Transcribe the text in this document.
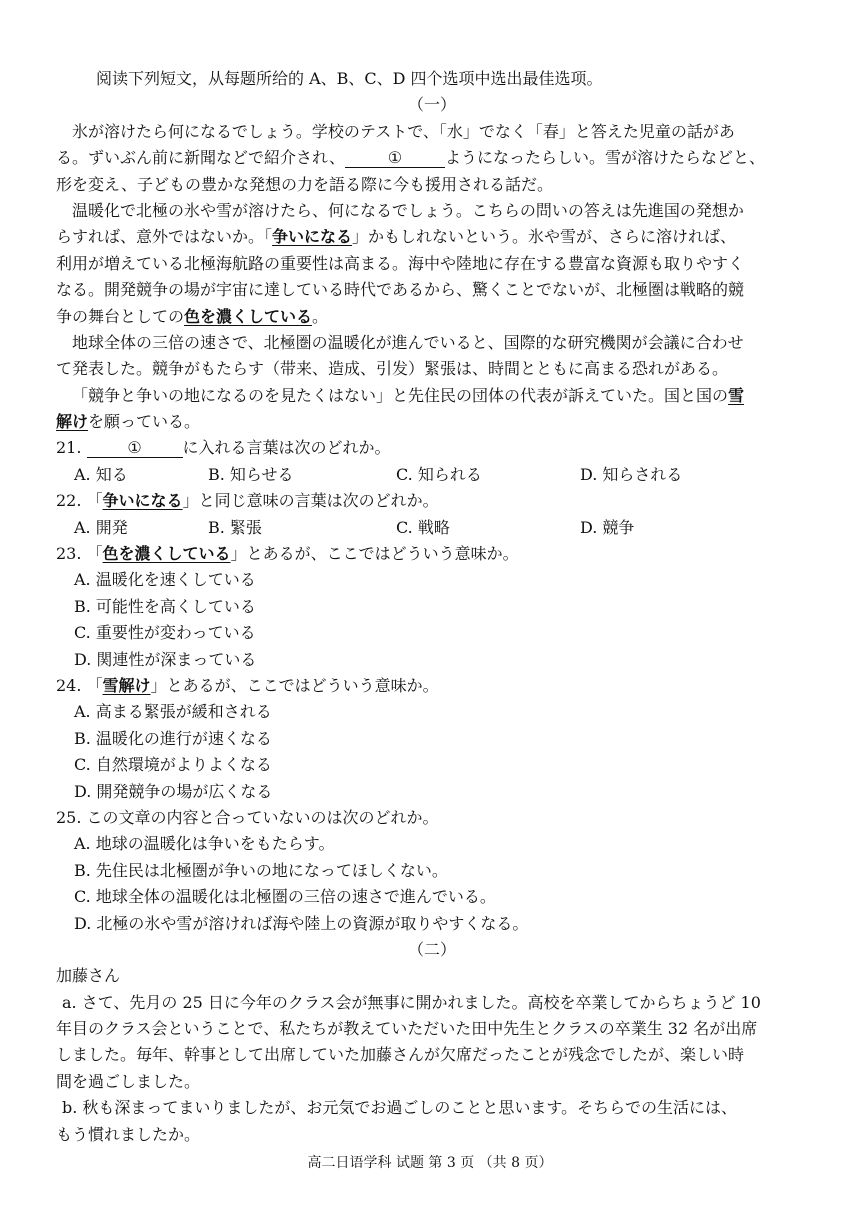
阅读下列短文，从每题所给的 A、B、C、D 四个选项中选出最佳选项。
（一）
氷が溶けたら何になるでしょう。学校のテストで、「水」でなく「春」と答えた児童の話があ
る。ずいぶん前に新聞などで紹介され、	①	ようになったらしい。雪が溶けたらなどと、
形を変え、子どもの豊かな発想の力を語る際に今も援用される話だ。
温暖化で北極の氷や雪が溶けたら、何になるでしょう。こちらの問いの答えは先進国の発想か
らすれば、意外ではないか。「争いになる」かもしれないという。氷や雪が、さらに溶ければ、
利用が増えている北極海航路の重要性は高まる。海中や陸地に存在する豊富な資源も取りやすく
なる。開発競争の場が宇宙に達している時代であるから、驚くことでないが、北極圏は戦略的競
争の舞台としての色を濃くしている。
地球全体の三倍の速さで、北極圏の温暖化が進んでいると、国際的な研究機関が会議に合わせ
て発表した。競争がもたらす（带来、造成、引发）緊張は、時間とともに高まる恐れがある。
「競争と争いの地になるのを見たくはない」と先住民の団体の代表が訴えていた。国と国の雪
解けを願っている。
21.	①	に入れる言葉は次のどれか。
A. 知る	B. 知らせる	C. 知られる	D. 知らされる
22. 「争いになる」と同じ意味の言葉は次のどれか。
A. 開発	B. 緊張	C. 戦略	D. 競争
23. 「色を濃くしている」とあるが、ここではどういう意味か。
A. 温暖化を速くしている
B. 可能性を高くしている
C. 重要性が変わっている
D. 関連性が深まっている
24. 「雪解け」とあるが、ここではどういう意味か。
A. 高まる緊張が緩和される
B. 温暖化の進行が速くなる
C. 自然環境がよりよくなる
D. 開発競争の場が広くなる
25. この文章の内容と合っていないのは次のどれか。
A. 地球の温暖化は争いをもたらす。
B. 先住民は北極圏が争いの地になってほしくない。
C. 地球全体の温暖化は北極圏の三倍の速さで進んでいる。
D. 北極の氷や雪が溶ければ海や陸上の資源が取りやすくなる。
（二）
加藤さん
a. さて、先月の 25 日に今年のクラス会が無事に開かれました。高校を卒業してからちょうど 10
年目のクラス会ということで、私たちが教えていただいた田中先生とクラスの卒業生 32 名が出席
しました。毎年、幹事として出席していた加藤さんが欠席だったことが残念でしたが、楽しい時
間を過ごしました。
b. 秋も深まってまいりましたが、お元気でお過ごしのことと思います。そちらでの生活には、
もう慣れましたか。
高二日语学科 试题 第 3 页 （共 8 页）
